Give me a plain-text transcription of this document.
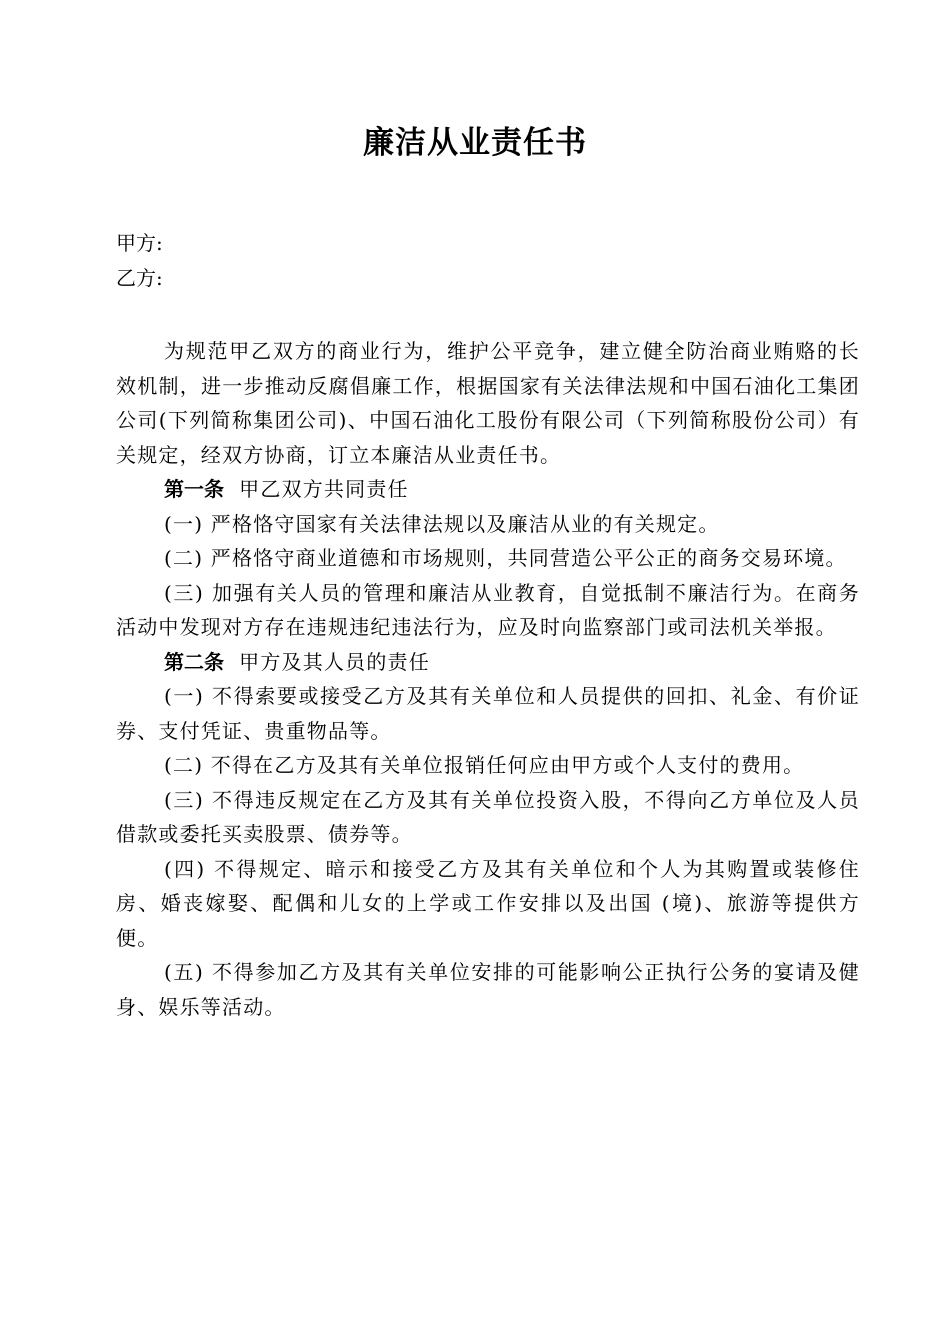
廉洁从业责任书
甲方:
乙方:

为规范甲乙双方的商业行为，维护公平竞争，建立健全防治商业贿赂的长效机制，进一步推动反腐倡廉工作，根据国家有关法律法规和中国石油化工集团公司(下列简称集团公司)、中国石油化工股份有限公司（下列简称股份公司）有关规定，经双方协商，订立本廉洁从业责任书。

第一条 甲乙双方共同责任

(一) 严格恪守国家有关法律法规以及廉洁从业的有关规定。

(二) 严格恪守商业道德和市场规则，共同营造公平公正的商务交易环境。

(三) 加强有关人员的管理和廉洁从业教育，自觉抵制不廉洁行为。在商务活动中发现对方存在违规违纪违法行为，应及时向监察部门或司法机关举报。

第二条 甲方及其人员的责任

(一) 不得索要或接受乙方及其有关单位和人员提供的回扣、礼金、有价证券、支付凭证、贵重物品等。

(二) 不得在乙方及其有关单位报销任何应由甲方或个人支付的费用。

(三) 不得违反规定在乙方及其有关单位投资入股，不得向乙方单位及人员借款或委托买卖股票、债券等。

(四) 不得规定、暗示和接受乙方及其有关单位和个人为其购置或装修住房、婚丧嫁娶、配偶和儿女的上学或工作安排以及出国 (境)、旅游等提供方便。

(五) 不得参加乙方及其有关单位安排的可能影响公正执行公务的宴请及健身、娱乐等活动。
